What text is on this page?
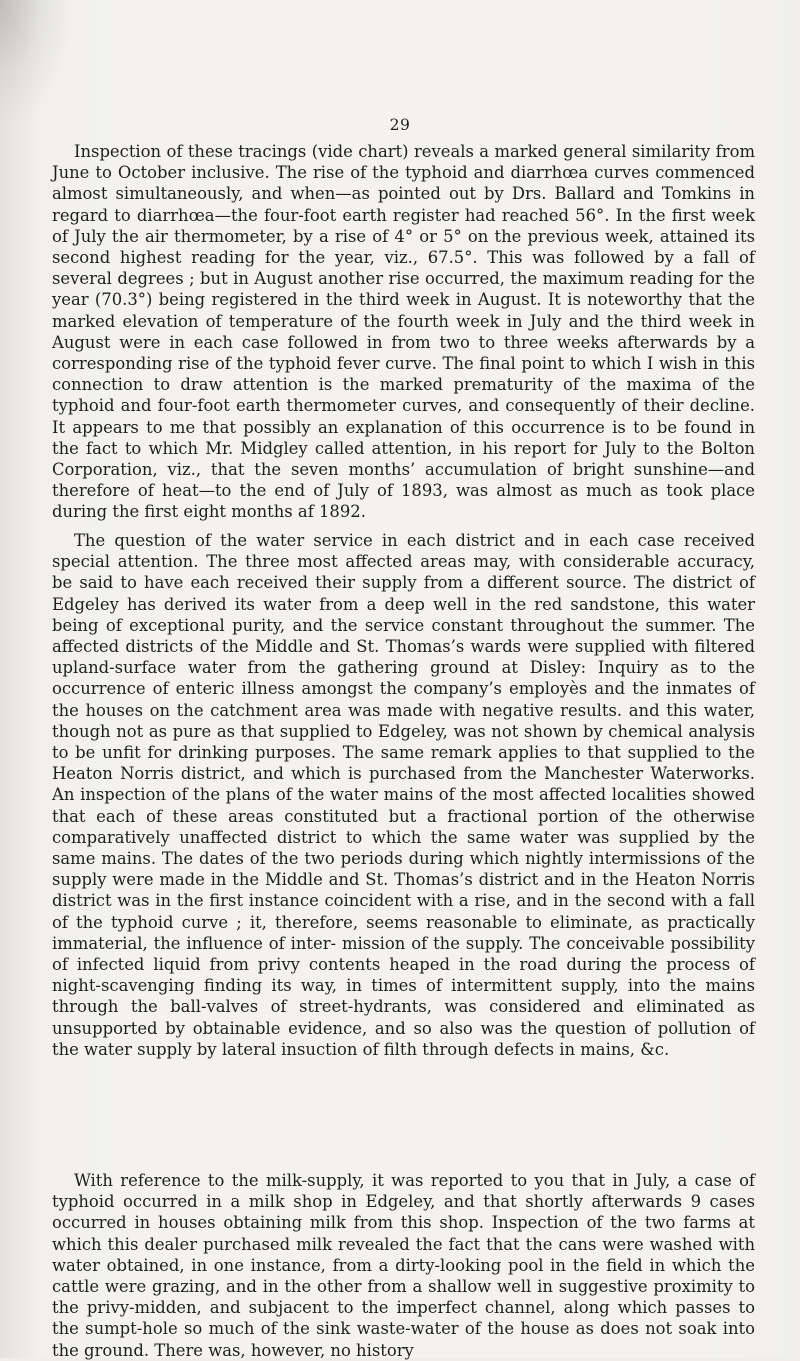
29

Inspection of these tracings (vide chart) reveals a marked general similarity from June to October inclusive. The rise of the typhoid and diarrhœa curves commenced almost simultaneously, and when—as pointed out by Drs. Ballard and Tomkins in regard to diarrhœa—the four-foot earth register had reached 56°. In the first week of July the air thermometer, by a rise of 4° or 5° on the previous week, attained its second highest reading for the year, viz., 67.5°. This was followed by a fall of several degrees ; but in August another rise occurred, the maximum reading for the year (70.3°) being registered in the third week in August. It is noteworthy that the marked elevation of temperature of the fourth week in July and the third week in August were in each case followed in from two to three weeks afterwards by a corresponding rise of the typhoid fever curve. The final point to which I wish in this connection to draw attention is the marked prematurity of the maxima of the typhoid and four-foot earth thermometer curves, and consequently of their decline. It appears to me that possibly an explanation of this occurrence is to be found in the fact to which Mr. Midgley called attention, in his report for July to the Bolton Corporation, viz., that the seven months’ accumulation of bright sunshine—and therefore of heat—to the end of July of 1893, was almost as much as took place during the first eight months af 1892.

The question of the water service in each district and in each case received special attention. The three most affected areas may, with considerable accuracy, be said to have each received their supply from a different source. The district of Edgeley has derived its water from a deep well in the red sandstone, this water being of exceptional purity, and the service constant throughout the summer. The affected districts of the Middle and St. Thomas’s wards were supplied with filtered upland-surface water from the gathering ground at Disley: Inquiry as to the occurrence of enteric illness amongst the company’s employès and the inmates of the houses on the catchment area was made with negative results. and this water, though not as pure as that supplied to Edgeley, was not shown by chemical analysis to be unfit for drinking purposes. The same remark applies to that supplied to the Heaton Norris district, and which is purchased from the Manchester Waterworks. An inspection of the plans of the water mains of the most affected localities showed that each of these areas constituted but a fractional portion of the otherwise comparatively unaffected district to which the same water was supplied by the same mains. The dates of the two periods during which nightly intermissions of the supply were made in the Middle and St. Thomas’s district and in the Heaton Norris district was in the first instance coincident with a rise, and in the second with a fall of the typhoid curve ; it, therefore, seems reasonable to eliminate, as practically immaterial, the influence of inter- mission of the supply. The conceivable possibility of infected liquid from privy contents heaped in the road during the process of night-scavenging finding its way, in times of intermittent supply, into the mains through the ball-valves of street-hydrants, was considered and eliminated as unsupported by obtainable evidence, and so also was the question of pollution of the water supply by lateral insuction of filth through defects in mains, &c.

With reference to the milk-supply, it was reported to you that in July, a case of typhoid occurred in a milk shop in Edgeley, and that shortly afterwards 9 cases occurred in houses obtaining milk from this shop. Inspection of the two farms at which this dealer purchased milk revealed the fact that the cans were washed with water obtained, in one instance, from a dirty-looking pool in the field in which the cattle were grazing, and in the other from a shallow well in suggestive proximity to the privy-midden, and subjacent to the imperfect channel, along which passes to the sumpt-hole so much of the sink waste-water of the house as does not soak into the ground. There was, however, no history
